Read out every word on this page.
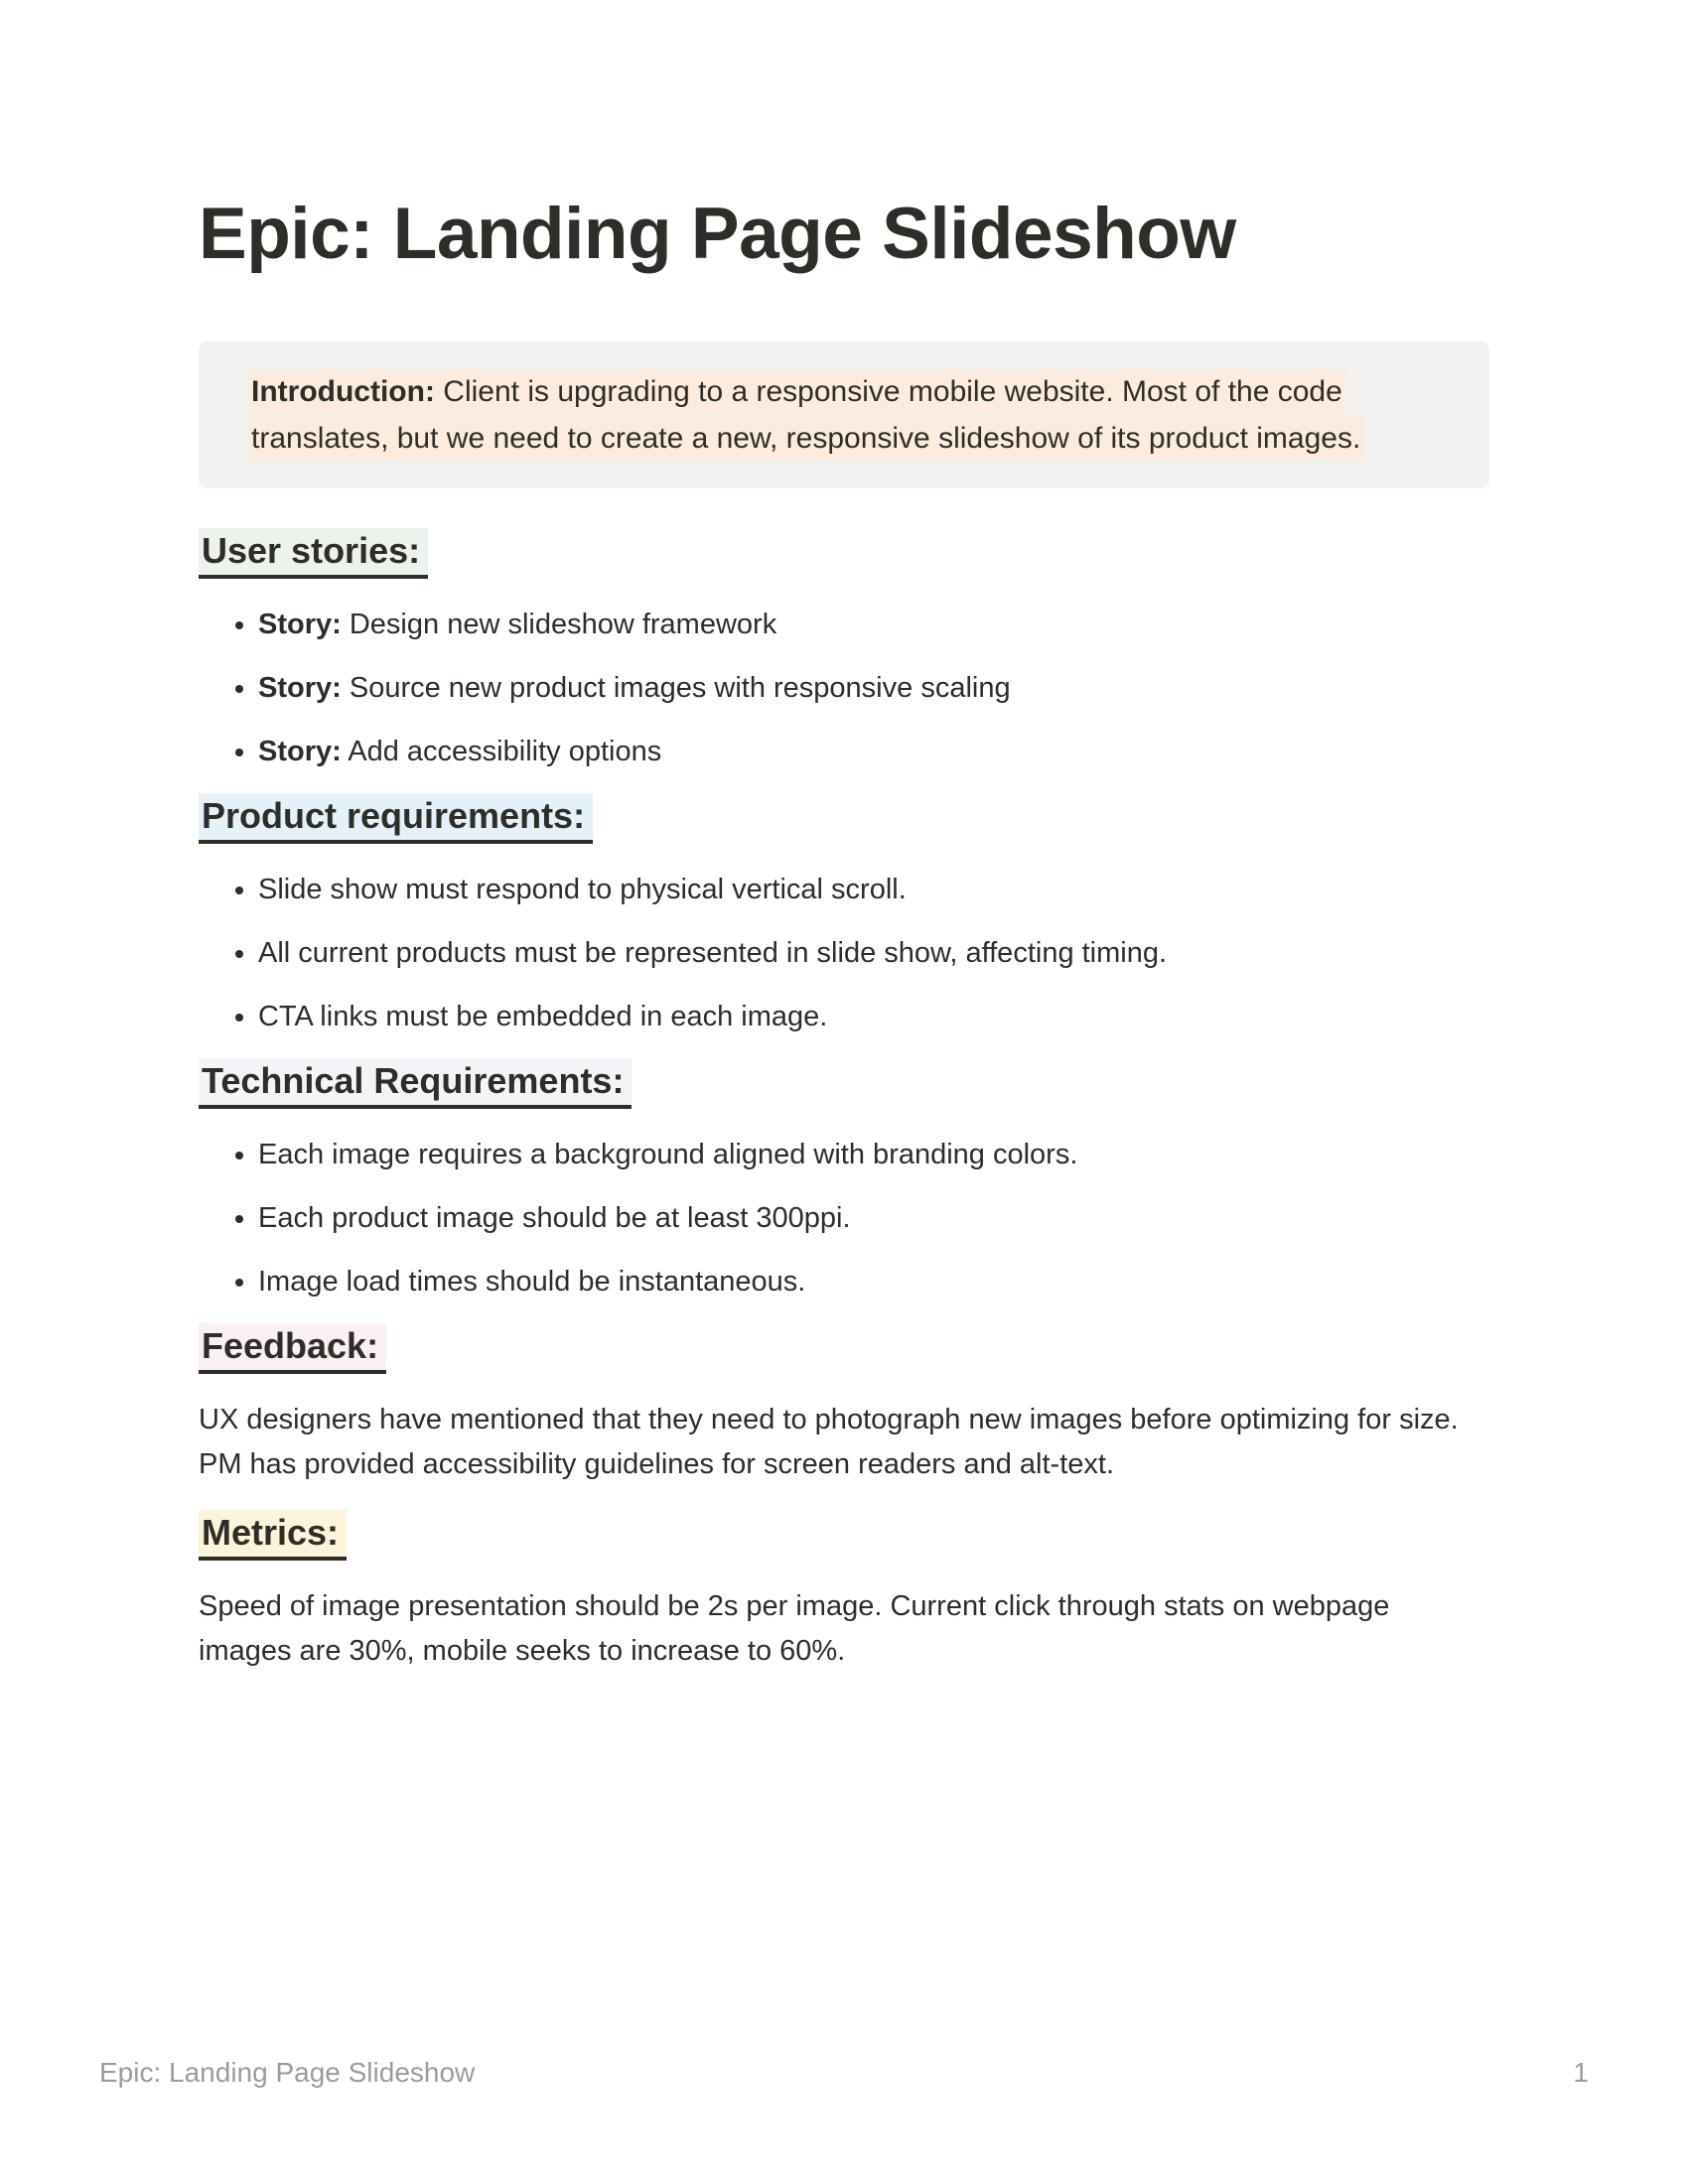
Epic: Landing Page Slideshow
Introduction: Client is upgrading to a responsive mobile website. Most of the code translates, but we need to create a new, responsive slideshow of its product images.
User stories:
• Story: Design new slideshow framework
• Story: Source new product images with responsive scaling
• Story: Add accessibility options
Product requirements:
• Slide show must respond to physical vertical scroll.
• All current products must be represented in slide show, affecting timing.
• CTA links must be embedded in each image.
Technical Requirements:
• Each image requires a background aligned with branding colors.
• Each product image should be at least 300ppi.
• Image load times should be instantaneous.
Feedback:

UX designers have mentioned that they need to photograph new images before optimizing for size.  PM has provided accessibility guidelines for screen readers and alt-text.

Metrics:

Speed of image presentation should be 2s per image. Current click through stats on webpage images are 30%, mobile seeks to increase to 60%.

Epic: Landing Page Slideshow	1
